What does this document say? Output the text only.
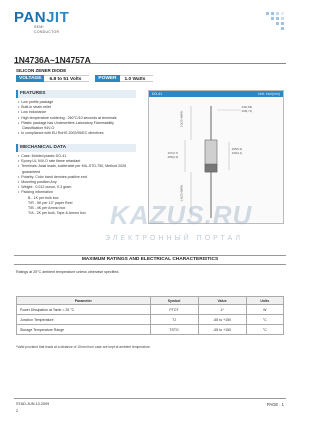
PANJIT
SEMI
CONDUCTOR
1N4736A~1N4757A
SILICON ZENER DIODE
VOLTAGE	6.8 to 51 Volts	POWER	1.0 Watts
FEATURES
• Low profile package
• Built-in strain relief
• Low inductance
• High temperature soldering : 260°C/10 seconds at terminals
• Plastic package has Underwriters Laboratory Flammability
Classification 94V-O
• In compliance with EU RoHS 2002/95/EC directives
MECHANICAL DATA
• Case: Molded plastic DO-41
• Epoxy:UL 94V-O rate flame retardant
• Terminals: Axial leads, solderable per MIL-STD-750, Method 2026
guaranteed
• Polarity: Color band denotes positive end
• Mounting position:Any
• Weight : 0.012 ounce, 0.3 gram
• Packing information
B - 1K per bulk box
T/R - 5K per 13" paper Reel
T/B - 4K per Ammo box
T/A - 2K per bulk, Tape & Ammo box
DO-41	Unit: inch(mm)
.034(.86)
.028(.71)
1.0(25.4)MIN.
.205(5.2)
.160(4.1)
.107(2.7)
.080(2.0)
1.0(25.4)MIN.
KAZUS.RU
ЭЛЕКТРОННЫЙ ПОРТАЛ
MAXIMUM RATINGS AND ELECTRICAL CHARACTERISTICS
Ratings at 25°C ambient temperature unless otherwise specified.
Parameter	Symbol	Value	Units
Power Dissipation at Tamb = 25 °C	PTOT	1*	W
Junction Temperature	TJ	-65 to +150	°C
Storage Temperature Range	TSTG	-65 to +150	°C
*Valid provided that leads at a distance of 10mm from case are kept at ambient temperature.
STAD-JUN.13.2009
2
PAGE . 1
